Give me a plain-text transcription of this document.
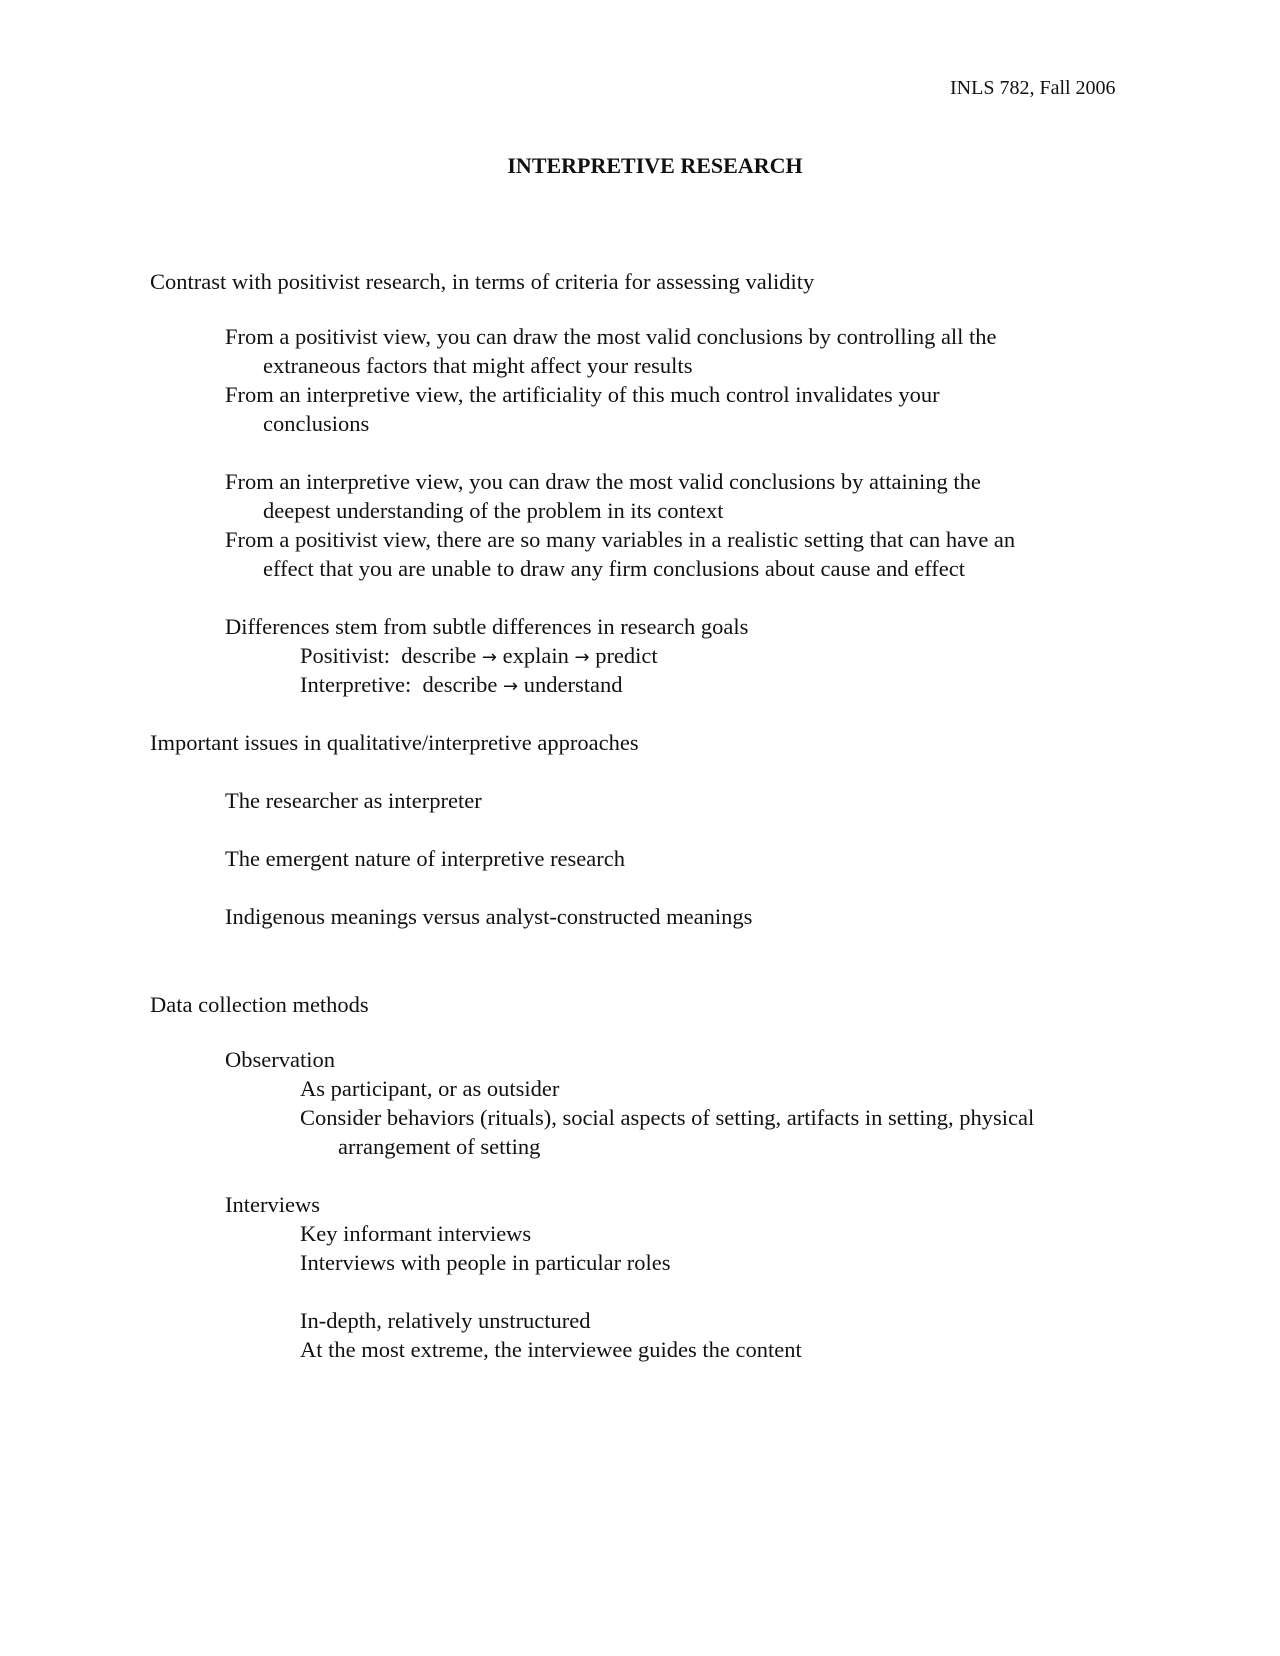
INLS 782, Fall 2006
INTERPRETIVE RESEARCH
Contrast with positivist research, in terms of criteria for assessing validity
From a positivist view, you can draw the most valid conclusions by controlling all the
extraneous factors that might affect your results
From an interpretive view, the artificiality of this much control invalidates your
conclusions
From an interpretive view, you can draw the most valid conclusions by attaining the
deepest understanding of the problem in its context
From a positivist view, there are so many variables in a realistic setting that can have an
effect that you are unable to draw any firm conclusions about cause and effect
Differences stem from subtle differences in research goals
Positivist: describe → explain → predict
Interpretive: describe → understand
Important issues in qualitative/interpretive approaches
The researcher as interpreter
The emergent nature of interpretive research
Indigenous meanings versus analyst-constructed meanings
Data collection methods
Observation
As participant, or as outsider
Consider behaviors (rituals), social aspects of setting, artifacts in setting, physical
arrangement of setting
Interviews
Key informant interviews
Interviews with people in particular roles
In-depth, relatively unstructured
At the most extreme, the interviewee guides the content
